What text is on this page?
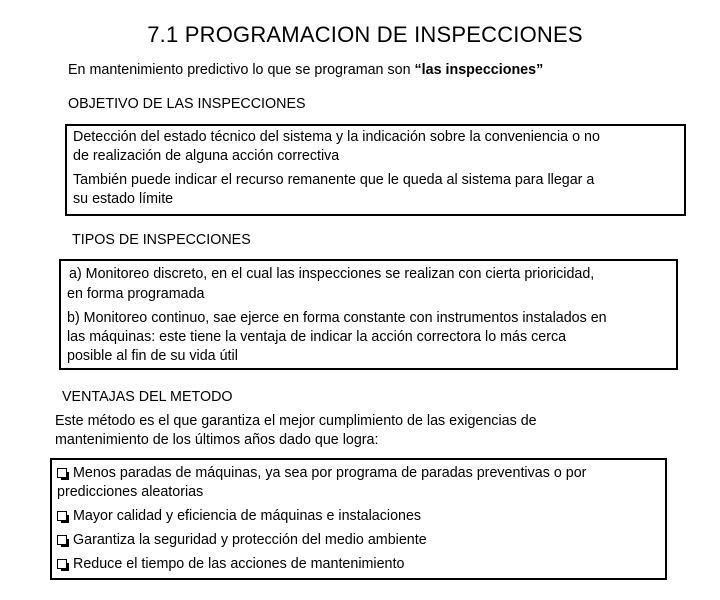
7.1 PROGRAMACION DE INSPECCIONES
En mantenimiento predictivo lo que se programan son “las inspecciones”
OBJETIVO DE LAS INSPECCIONES
Detección del estado técnico del sistema y la indicación sobre la conveniencia o no
de realización de alguna acción correctiva
También puede indicar el recurso remanente que le queda al sistema para llegar a
su estado límite
TIPOS DE INSPECCIONES
a) Monitoreo discreto, en el cual las inspecciones se realizan con cierta prioricidad,
en forma programada
b) Monitoreo continuo, sae ejerce en forma constante con instrumentos instalados en
las máquinas: este tiene la ventaja de indicar la acción correctora lo más cerca
posible al fin de su vida útil
VENTAJAS DEL METODO
Este método es el que garantiza el mejor cumplimiento de las exigencias de
mantenimiento de los últimos años dado que logra:
Menos paradas de máquinas, ya sea por programa de paradas preventivas o por
predicciones aleatorias
Mayor calidad y eficiencia de máquinas e instalaciones
Garantiza la seguridad y protección del medio ambiente
Reduce el tiempo de las acciones de mantenimiento
